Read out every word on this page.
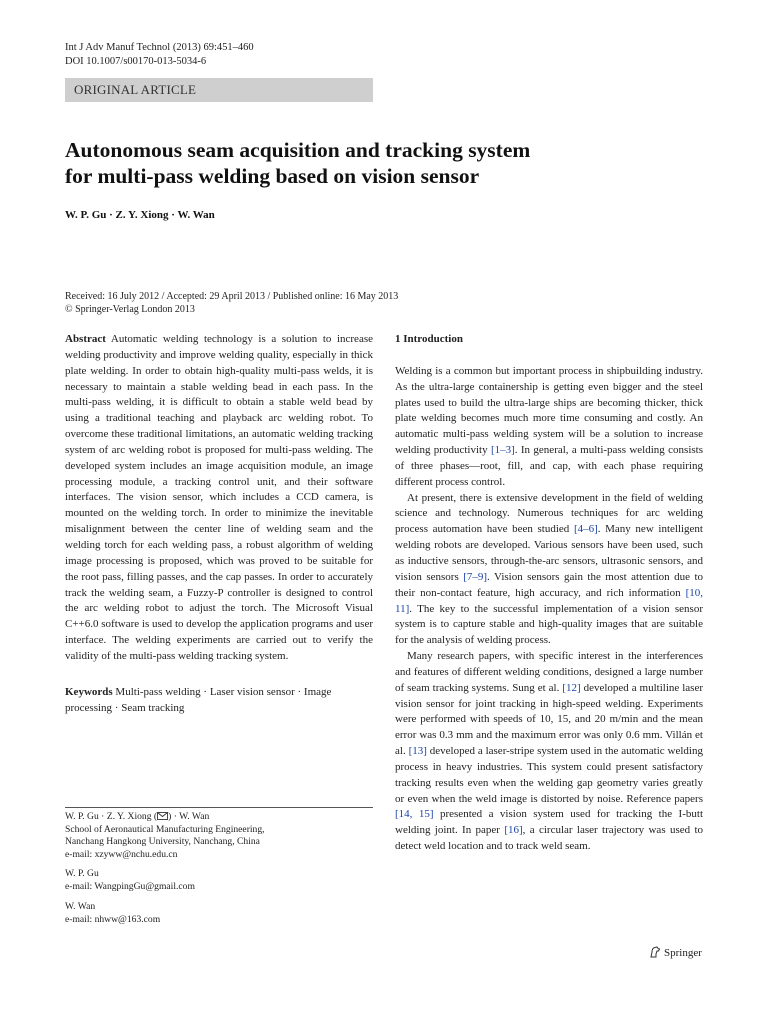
Int J Adv Manuf Technol (2013) 69:451–460
DOI 10.1007/s00170-013-5034-6
ORIGINAL ARTICLE
Autonomous seam acquisition and tracking system
for multi-pass welding based on vision sensor
W. P. Gu · Z. Y. Xiong · W. Wan
Received: 16 July 2012 / Accepted: 29 April 2013 / Published online: 16 May 2013
© Springer-Verlag London 2013

Abstract Automatic welding technology is a solution to increase welding productivity and improve welding quality, especially in thick plate welding. In order to obtain high-quality multi-pass welds, it is necessary to maintain a stable welding bead in each pass. In the multi-pass welding, it is difficult to obtain a stable weld bead by using a traditional teaching and playback arc welding robot. To overcome these traditional limitations, an automatic welding tracking system of arc welding robot is proposed for multi-pass welding. The developed system includes an image acquisition module, an image processing module, a tracking control unit, and their software interfaces. The vision sensor, which includes a CCD camera, is mounted on the welding torch. In order to minimize the inevitable misalignment between the center line of welding seam and the welding torch for each welding pass, a robust algorithm of welding image processing is proposed, which was proved to be suitable for the root pass, filling passes, and the cap passes. In order to accurately track the welding seam, a Fuzzy-P controller is designed to control the arc welding robot to adjust the torch. The Microsoft Visual C++6.0 software is used to develop the application programs and user interface. The welding experiments are carried out to verify the validity of the multi-pass welding tracking system.

Keywords Multi-pass welding · Laser vision sensor · Image processing · Seam tracking

W. P. Gu · Z. Y. Xiong ( ) · W. Wan
School of Aeronautical Manufacturing Engineering,
Nanchang Hangkong University, Nanchang, China
e-mail: xzyww@nchu.edu.cn
W. P. Gu
e-mail: WangpingGu@gmail.com
W. Wan
e-mail: nhww@163.com

1 Introduction

Welding is a common but important process in shipbuilding industry. As the ultra-large containership is getting even bigger and the steel plates used to build the ultra-large ships are becoming thicker, thick plate welding becomes much more time consuming and costly. An automatic multi-pass welding system will be a solution to increase welding productivity [1–3]. In general, a multi-pass welding consists of three phases—root, fill, and cap, with each phase requiring different process control.

At present, there is extensive development in the field of welding science and technology. Numerous techniques for arc welding process automation have been studied [4–6]. Many new intelligent welding robots are developed. Various sensors have been used, such as inductive sensors, through-the-arc sensors, ultrasonic sensors, and vision sensors [7–9]. Vision sensors gain the most attention due to their non-contact feature, high accuracy, and rich information [10, 11]. The key to the successful implementation of a vision sensor system is to capture stable and high-quality images that are suitable for the analysis of welding process.

Many research papers, with specific interest in the interferences and features of different welding conditions, designed a large number of seam tracking systems. Sung et al. [12] developed a multiline laser vision sensor for joint tracking in high-speed welding. Experiments were performed with speeds of 10, 15, and 20 m/min and the mean error was 0.3 mm and the maximum error was only 0.6 mm. Villán et al. [13] developed a laser-stripe system used in the automatic welding process in heavy industries. This system could present satisfactory tracking results even when the welding gap geometry varies greatly or even when the weld image is distorted by noise. Reference papers [14, 15] presented a vision system used for tracking the I-butt welding joint. In paper [16], a circular laser trajectory was used to detect weld location and to track weld seam.

Springer
